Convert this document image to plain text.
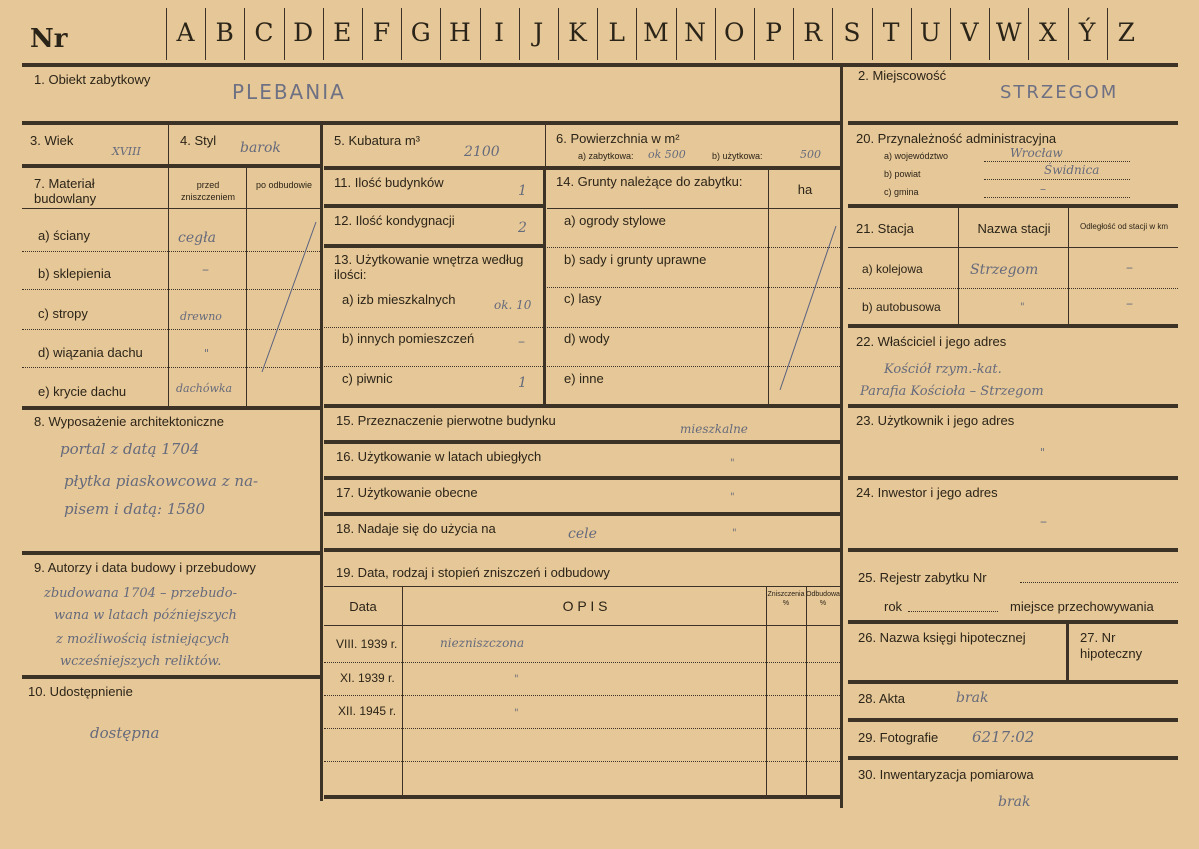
Nr	A B C D E F G H I	J K L M N O P R S T U V W X Ý Z
1. Obiekt zabytkowy
PLEBANIA
2. Miejscowość
STRZEGOM
3. Wiek
XVIII
4. Styl barok	5. Kubatura m³
2100
6. Powierzchnia w m²
a) zabytkowa: ok 500	b) użytkowa:	500
20. Przynależność administracyjna
a) województwo	Wrocław
b) powiat	Świdnica
c) gmina	–
7. Materiał budowlany
przed zniszczeniem
po odbudowie
a) ściany	cegła
b) sklepienia	–
c) stropy	drewno
d) wiązania dachu	"
e) krycie dachu	dachówka
11. Ilość budynków
1
12. Ilość kondygnacji	2
13. Użytkowanie wnętrza według ilości:
a) izb mieszkalnych	ok. 10
b) innych pomieszczeń	–
c) piwnic	1
14. Grunty należące do zabytku:
ha
a) ogrody stylowe
b) sady i grunty uprawne
c) lasy
d) wody
e) inne
21. Stacja	Nazwa stacji	Odległość od stacji w km
a) kolejowa	Strzegom	–
b) autobusowa	"	–
22. Właściciel i jego adres
Kościół rzym.-kat.
Parafia Kościoła – Strzegom
8. Wyposażenie architektoniczne
portal z datą 1704
płytka piaskowcowa z na-
pisem i datą: 1580
15. Przeznaczenie pierwotne budynku
mieszkalne
16. Użytkowanie w latach ubiegłych	"
17. Użytkowanie obecne	"
18. Nadaje się do użycia na	cele	"
23. Użytkownik i jego adres
"
24. Inwestor i jego adres
–
9. Autorzy i data budowy i przebudowy
zbudowana 1704 – przebudo-
wana w latach późniejszych
z możliwością istniejących
wcześniejszych reliktów.
19. Data, rodzaj i stopień zniszczeń i odbudowy
Data	O P I S
Zniszczenia %
Odbudowa %
VIII. 1939 r.	niezniszczona
XI. 1939 r.	"
XII. 1945 r.	"
25. Rejestr zabytku Nr
rok	miejsce przechowywania
26. Nazwa księgi hipotecznej	27. Nr hipoteczny
10. Udostępnienie
dostępna
28. Akta	brak
29. Fotografie 6217:02
30. Inwentaryzacja pomiarowa
brak
